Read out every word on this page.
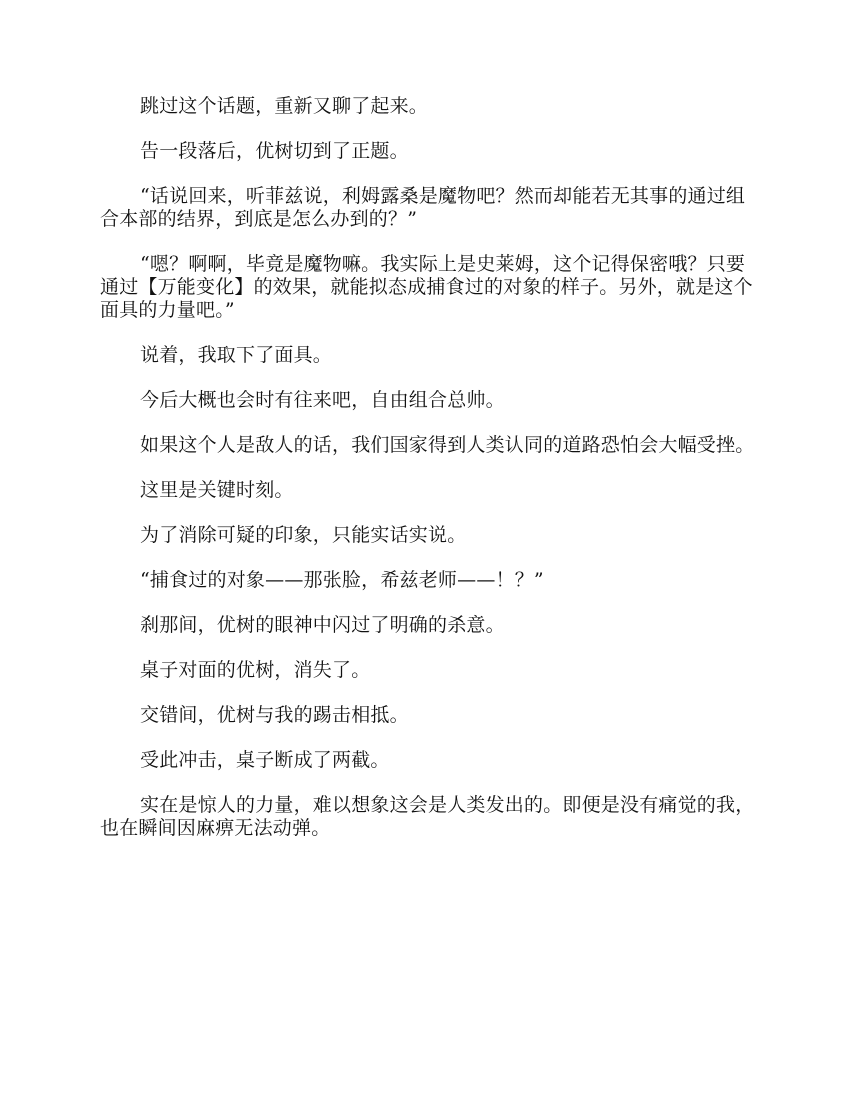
跳过这个话题，重新又聊了起来。

告一段落后，优树切到了正题。

“话说回来，听菲兹说，利姆露桑是魔物吧？然而却能若无其事的通过组合本部的结界，到底是怎么办到的？”

“嗯？啊啊，毕竟是魔物嘛。我实际上是史莱姆，这个记得保密哦？只要通过【万能变化】的效果，就能拟态成捕食过的对象的样子。另外，就是这个面具的力量吧。”

说着，我取下了面具。

今后大概也会时有往来吧，自由组合总帅。

如果这个人是敌人的话，我们国家得到人类认同的道路恐怕会大幅受挫。

这里是关键时刻。

为了消除可疑的印象，只能实话实说。

“捕食过的对象——那张脸，希兹老师——！？”

刹那间，优树的眼神中闪过了明确的杀意。

桌子对面的优树，消失了。

交错间，优树与我的踢击相抵。

受此冲击，桌子断成了两截。

实在是惊人的力量，难以想象这会是人类发出的。即便是没有痛觉的我，也在瞬间因麻痹无法动弹。
